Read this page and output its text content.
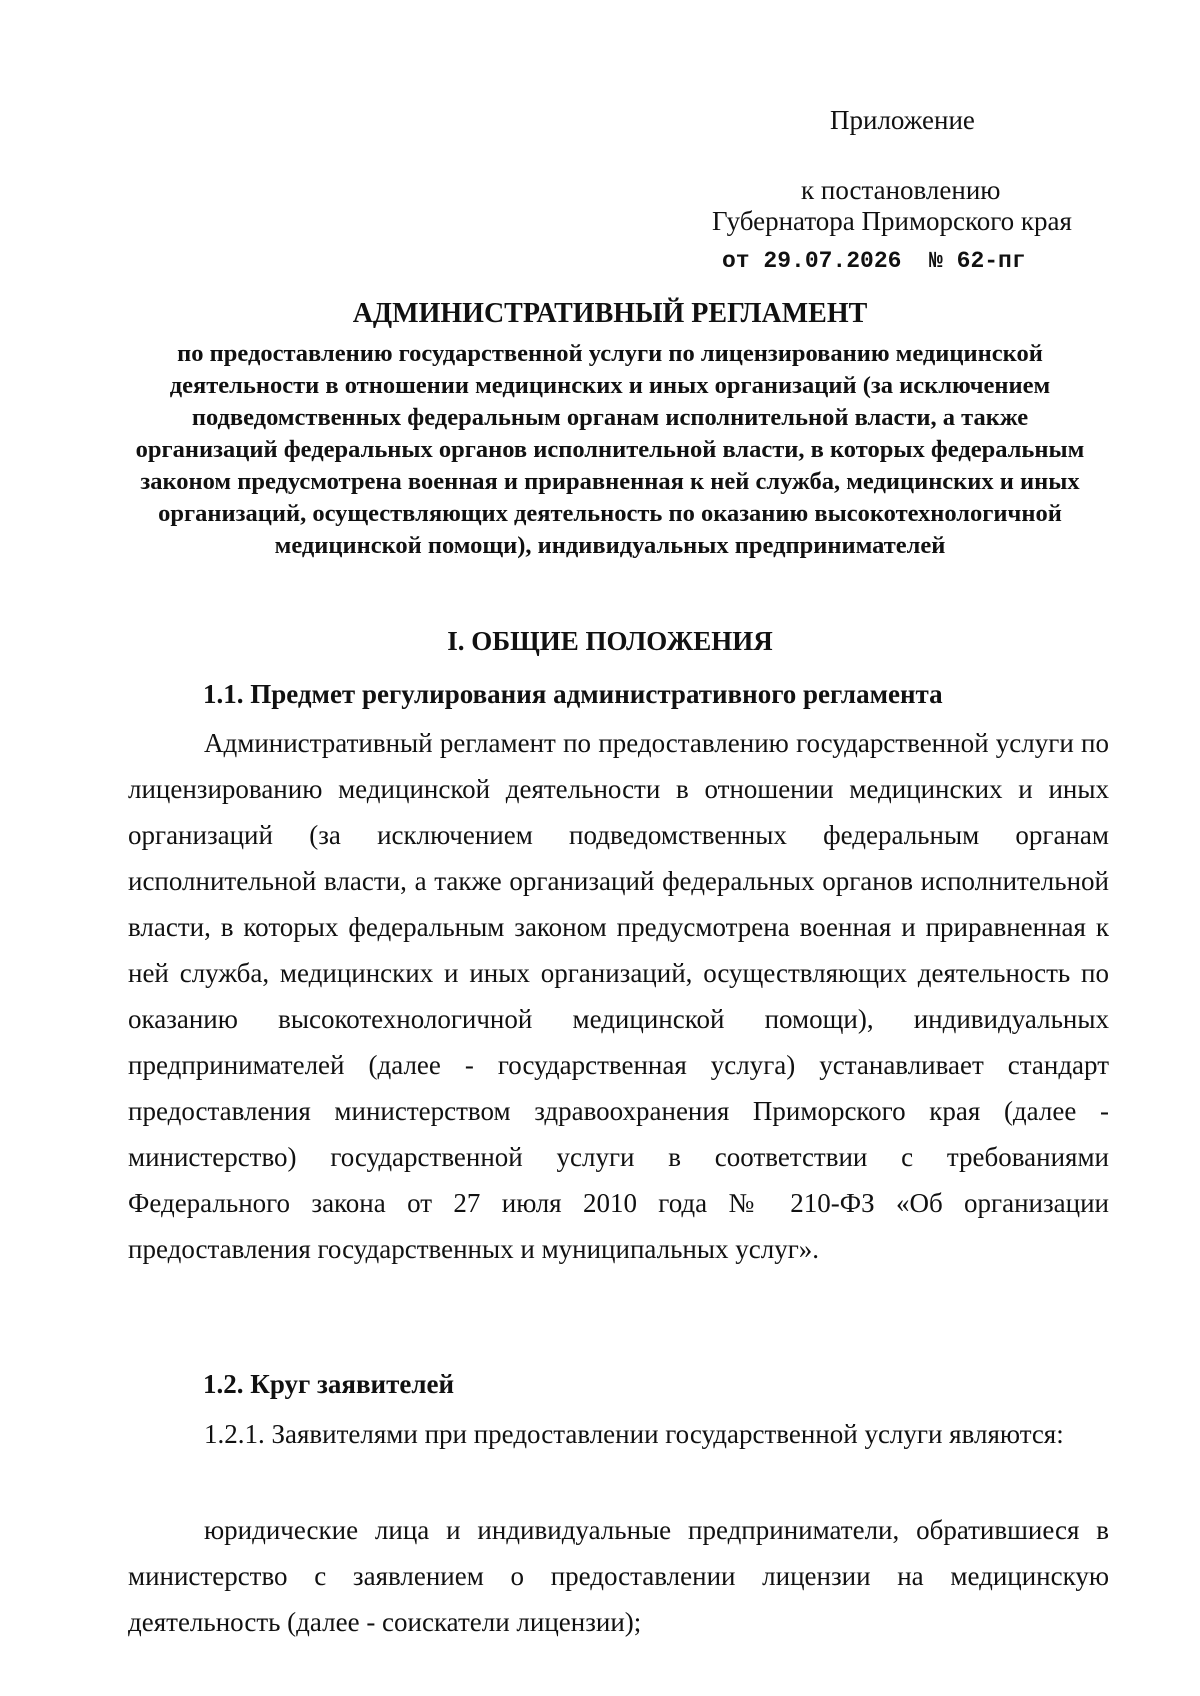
Приложение
к постановлению
Губернатора Приморского края
от 29.07.2026  № 62-пг
АДМИНИСТРАТИВНЫЙ РЕГЛАМЕНТ
по предоставлению государственной услуги по лицензированию медицинской деятельности в отношении медицинских и иных организаций (за исключением подведомственных федеральным органам исполнительной власти, а также организаций федеральных органов исполнительной власти, в которых федеральным законом предусмотрена военная и приравненная к ней служба, медицинских и иных организаций, осуществляющих деятельность по оказанию высокотехнологичной медицинской помощи), индивидуальных предпринимателей
I. ОБЩИЕ ПОЛОЖЕНИЯ
1.1. Предмет регулирования административного регламента
Административный регламент по предоставлению государственной услуги по лицензированию медицинской деятельности в отношении медицинских и иных организаций (за исключением подведомственных федеральным органам исполнительной власти, а также организаций федеральных органов исполнительной власти, в которых федеральным законом предусмотрена военная и приравненная к ней служба, медицинских и иных организаций, осуществляющих деятельность по оказанию высокотехнологичной медицинской помощи), индивидуальных предпринимателей (далее - государственная услуга) устанавливает стандарт предоставления министерством здравоохранения Приморского края (далее - министерство) государственной услуги в соответствии с требованиями Федерального закона от 27 июля 2010 года № 210-ФЗ «Об организации предоставления государственных и муниципальных услуг».
1.2. Круг заявителей
1.2.1. Заявителями при предоставлении государственной услуги являются:
юридические лица и индивидуальные предприниматели, обратившиеся в министерство с заявлением о предоставлении лицензии на медицинскую деятельность (далее - соискатели лицензии);
